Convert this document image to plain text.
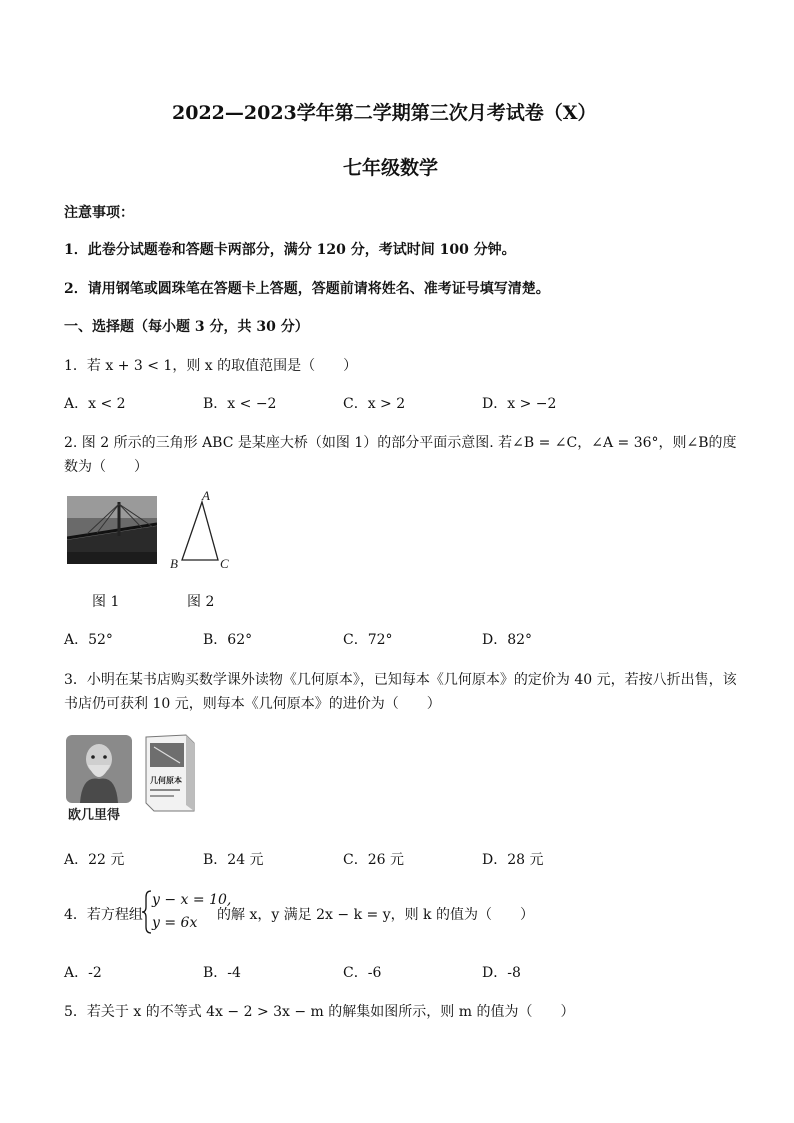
2022—2023学年第二学期第三次月考试卷（X）
七年级数学
注意事项：
1．此卷分试题卷和答题卡两部分，满分 120 分，考试时间 100 分钟。
2．请用钢笔或圆珠笔在答题卡上答题，答题前请将姓名、准考证号填写清楚。
一、选择题（每小题 3 分，共 30 分）
1．若 x + 3 < 1，则 x 的取值范围是（　　）
A．x < 2	B．x < −2	C．x > 2	D．x > −2
2. 图 2 所示的三角形 ABC 是某座大桥（如图 1）的部分平面示意图. 若∠B = ∠C，∠A = 36°，则∠B的度
数为（　　）
A
B	C
图 1	图 2
A．52°	B．62°	C．72°	D．82°
3．小明在某书店购买数学课外读物《几何原本》，已知每本《几何原本》的定价为 40 元，若按八折出售，该
书店仍可获利 10 元，则每本《几何原本》的进价为（　　）
欧几里得
几何原本
A．22 元	B．24 元	C．26 元	D．28 元
4．若方程组
y − x = 10,
y = 6x 的解 x，y 满足 2x − k = y，则 k 的值为（　　）
A．-2	B．-4	C．-6	D．-8
5．若关于 x 的不等式 4x − 2 > 3x − m 的解集如图所示，则 m 的值为（　　）
